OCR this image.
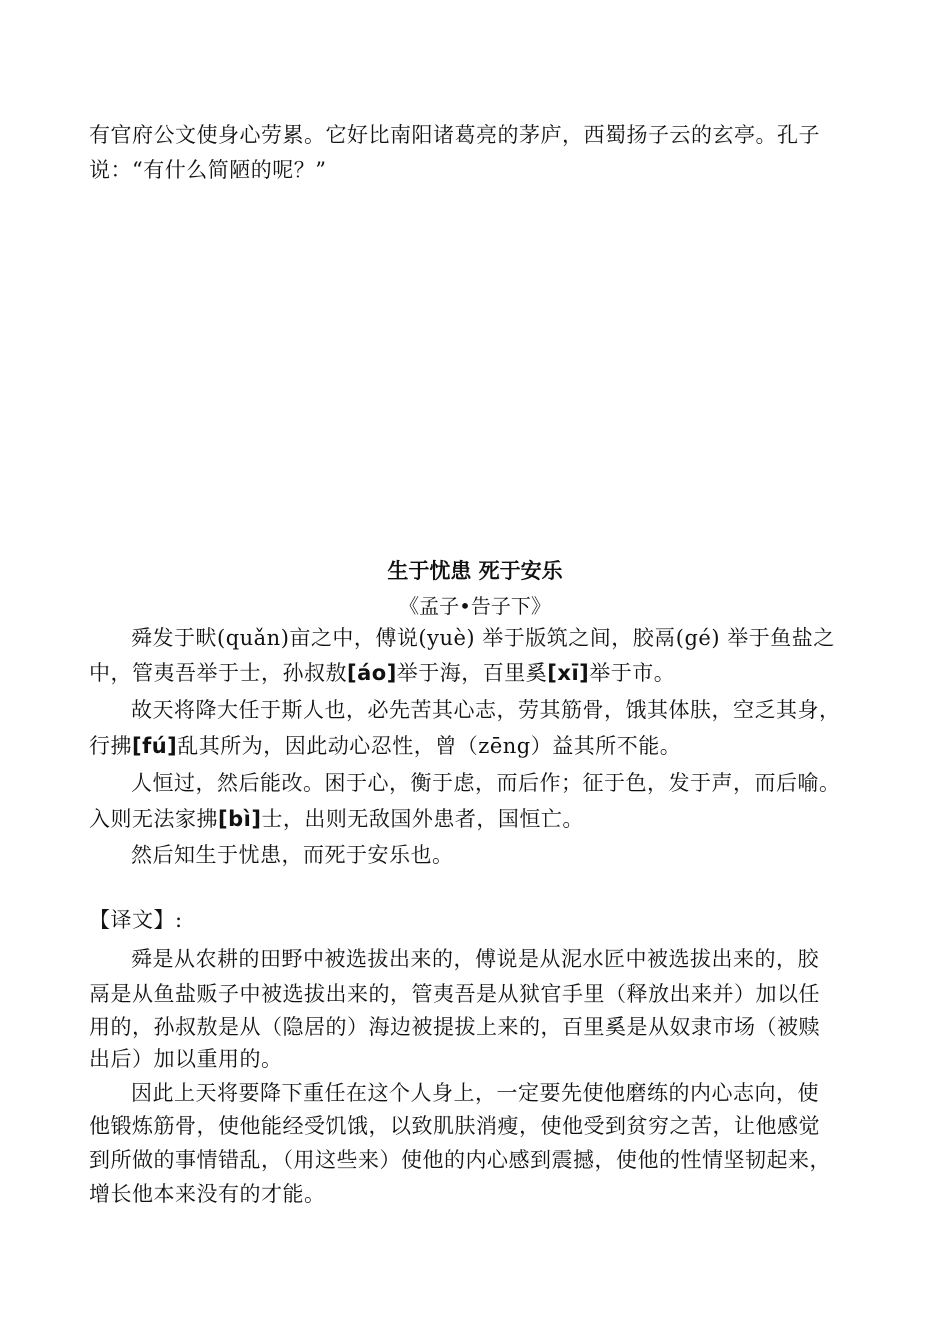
有官府公文使身心劳累。它好比南阳诸葛亮的茅庐，西蜀扬子云的玄亭。孔子
说：“有什么简陋的呢？”
生于忧患 死于安乐
《孟子•告子下》
舜发于畎(quǎn)亩之中，傅说(yuè) 举于版筑之间，胶鬲(gé) 举于鱼盐之
中，管夷吾举于士，孙叔敖[áo]举于海，百里奚[xī]举于市。
故天将降大任于斯人也，必先苦其心志，劳其筋骨，饿其体肤，空乏其身，
行拂[fú]乱其所为，因此动心忍性，曾（zēng）益其所不能。
人恒过，然后能改。困于心，衡于虑，而后作；征于色，发于声，而后喻。
入则无法家拂[bì]士，出则无敌国外患者，国恒亡。
然后知生于忧患，而死于安乐也。
【译文】:
舜是从农耕的田野中被选拔出来的，傅说是从泥水匠中被选拔出来的，胶
鬲是从鱼盐贩子中被选拔出来的，管夷吾是从狱官手里（释放出来并）加以任
用的，孙叔敖是从（隐居的）海边被提拔上来的，百里奚是从奴隶市场（被赎
出后）加以重用的。
因此上天将要降下重任在这个人身上，一定要先使他磨练的内心志向，使
他锻炼筋骨，使他能经受饥饿，以致肌肤消瘦，使他受到贫穷之苦，让他感觉
到所做的事情错乱，（用这些来）使他的内心感到震撼，使他的性情坚韧起来，
增长他本来没有的才能。
